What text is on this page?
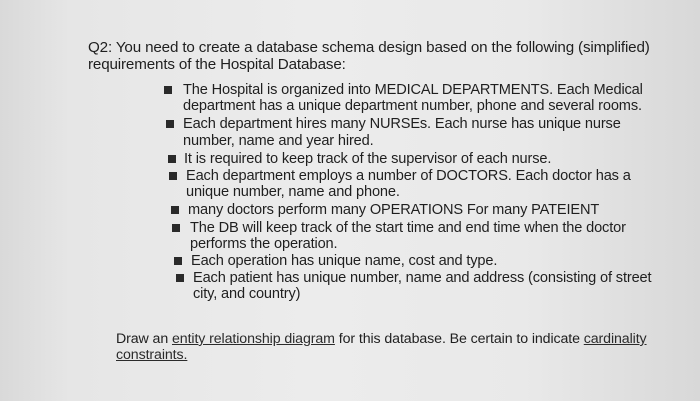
Q2: You need to create a database schema design based on the following (simplified)
requirements of the Hospital Database:
The Hospital is organized into MEDICAL DEPARTMENTS. Each Medical
department has a unique department number, phone and several rooms.
Each department hires many NURSEs. Each nurse has unique nurse
number, name and year hired.
It is required to keep track of the supervisor of each nurse.
Each department employs a number of DOCTORS. Each doctor has a
unique number, name and phone.
many doctors perform many OPERATIONS For many PATEIENT
The DB will keep track of the start time and end time when the doctor
performs the operation.
Each operation has unique name, cost and type.
Each patient has unique number, name and address (consisting of street
city, and country)
Draw an entity relationship diagram for this database. Be certain to indicate cardinality
constraints.
